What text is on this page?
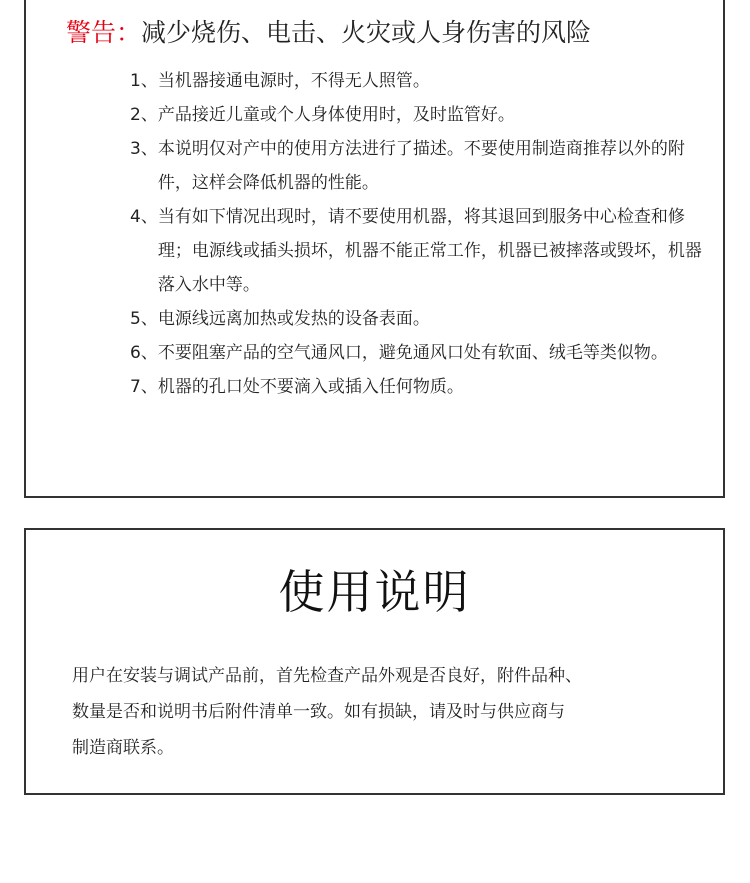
警告：减少烧伤、电击、火灾或人身伤害的风险
1、 当机器接通电源时，不得无人照管。
2、 产品接近儿童或个人身体使用时，及时监管好。
3、 本说明仅对产中的使用方法进行了描述。不要使用制造商推荐以外的附件，这样会降低机器的性能。
4、 当有如下情况出现时，请不要使用机器，将其退回到服务中心检查和修理；电源线或插头损坏，机器不能正常工作，机器已被摔落或毁坏，机器落入水中等。
5、 电源线远离加热或发热的设备表面。
6、 不要阻塞产品的空气通风口，避免通风口处有软面、绒毛等类似物。
7、 机器的孔口处不要滴入或插入任何物质。
使用说明
用户在安装与调试产品前，首先检查产品外观是否良好，附件品种、
数量是否和说明书后附件清单一致。如有损缺，请及时与供应商与
制造商联系。
